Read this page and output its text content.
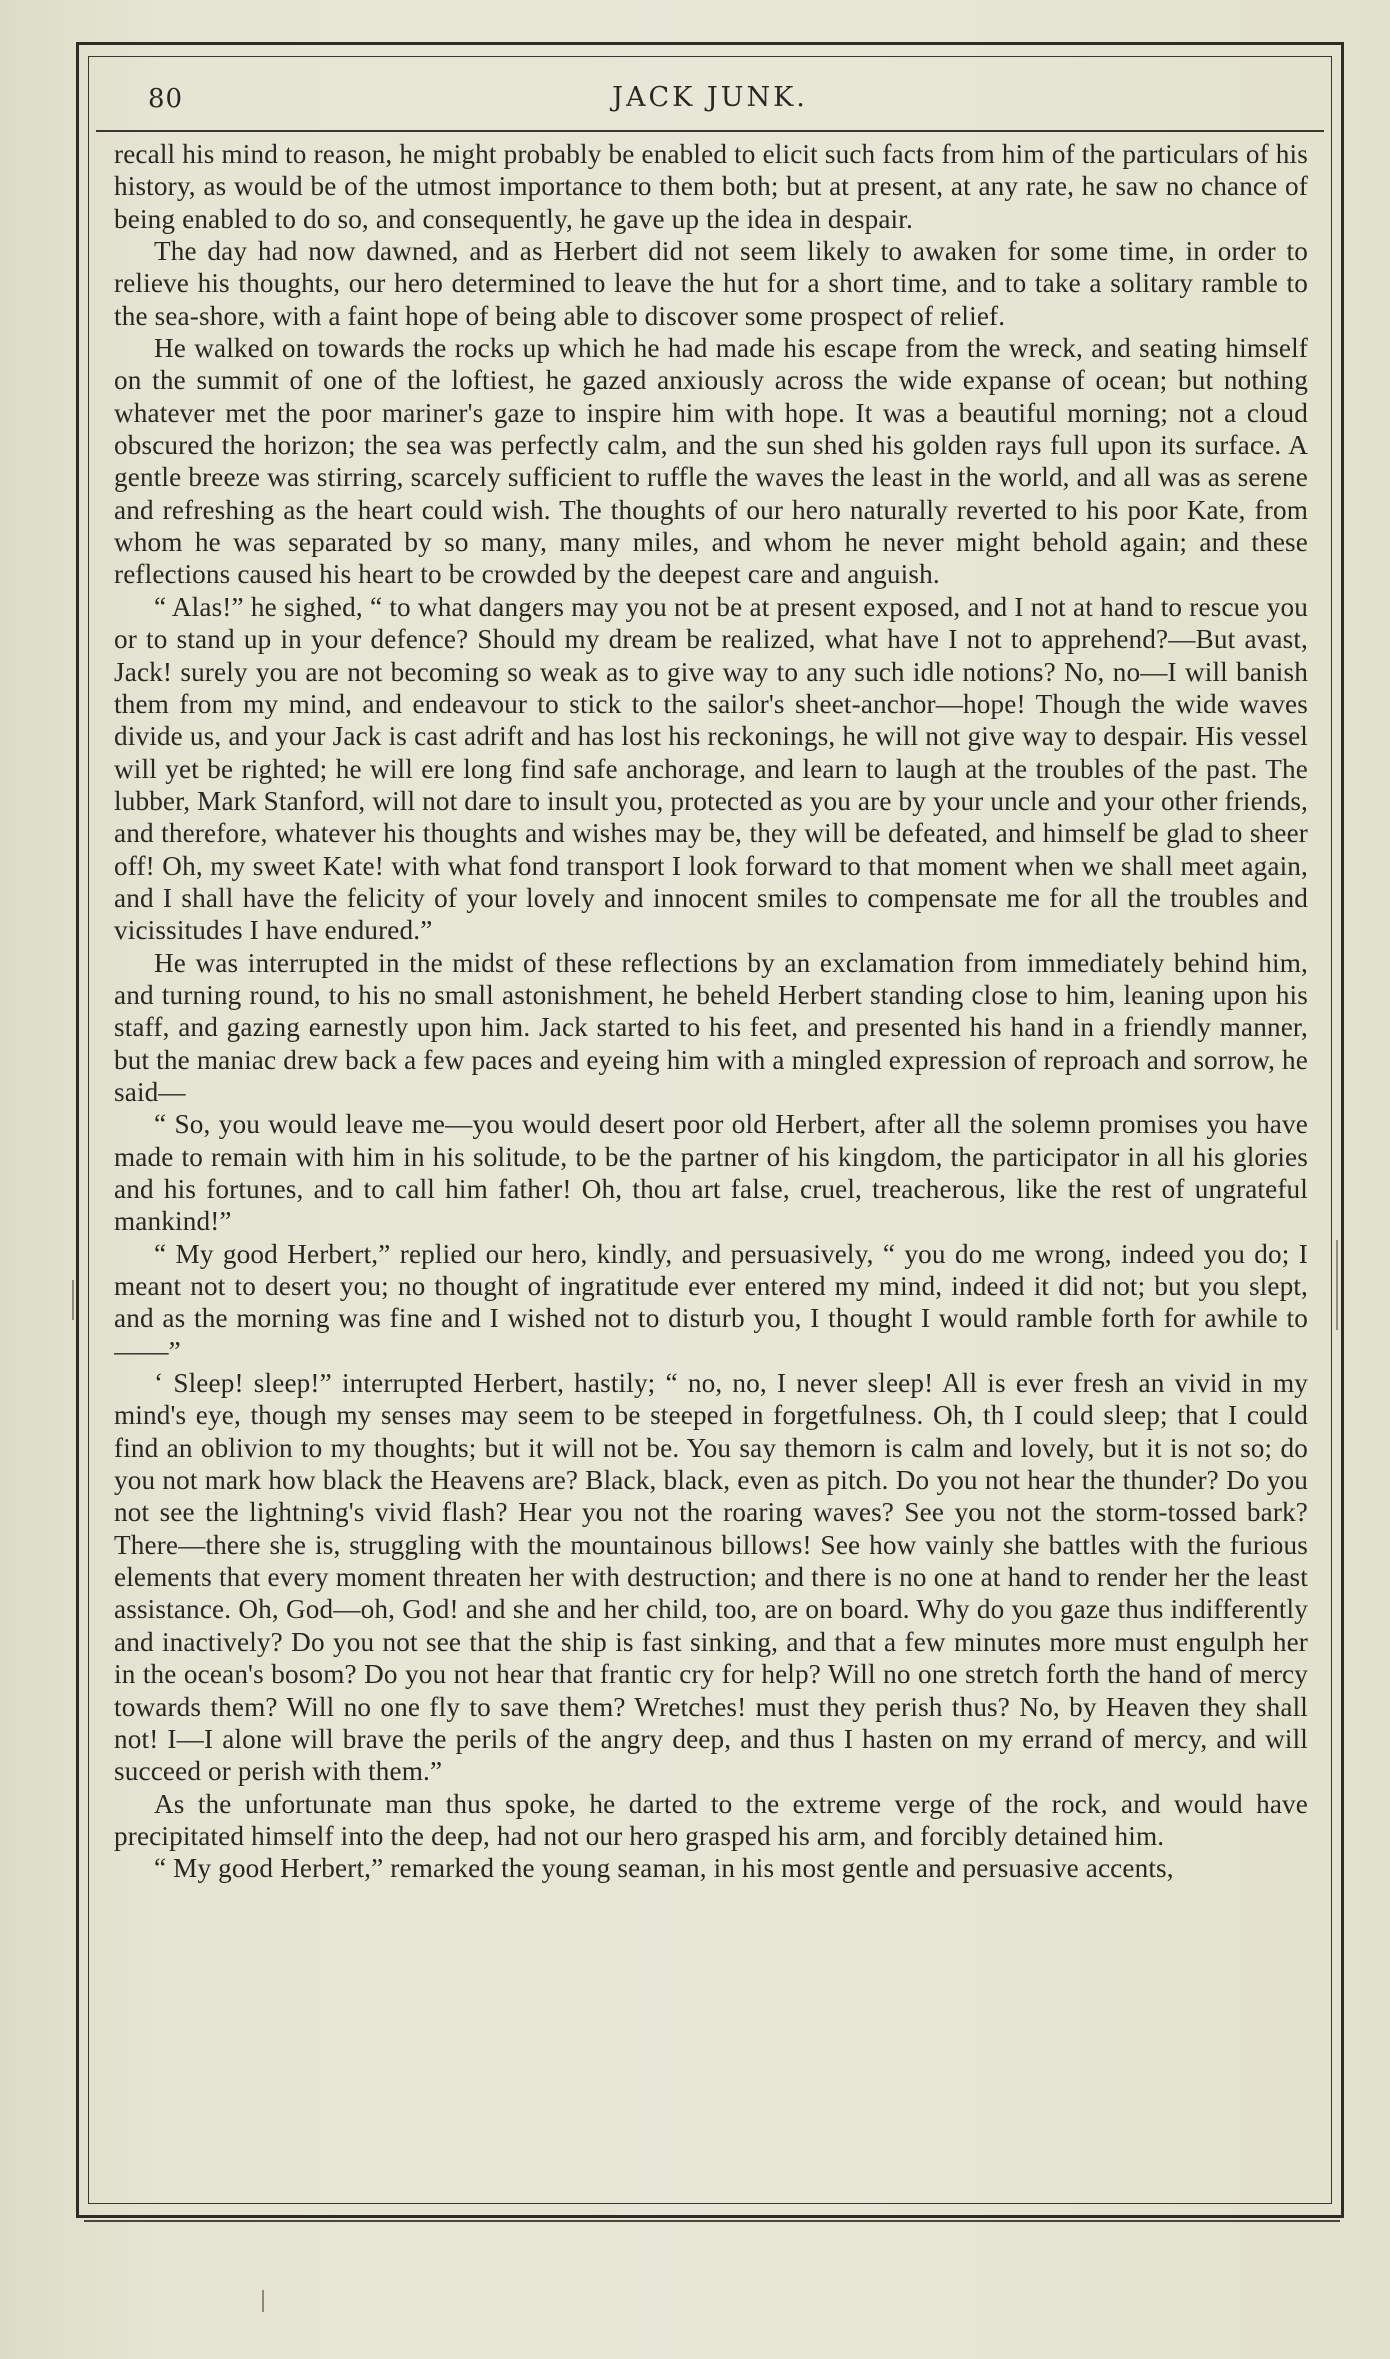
80	JACK JUNK.

recall his mind to reason, he might probably be enabled to elicit such facts from him of the particulars of his history, as would be of the utmost importance to them both; but at present, at any rate, he saw no chance of being enabled to do so, and consequently, he gave up the idea in despair.

The day had now dawned, and as Herbert did not seem likely to awaken for some time, in order to relieve his thoughts, our hero determined to leave the hut for a short time, and to take a solitary ramble to the sea-shore, with a faint hope of being able to discover some prospect of relief.

He walked on towards the rocks up which he had made his escape from the wreck, and seating himself on the summit of one of the loftiest, he gazed anxiously across the wide expanse of ocean; but nothing whatever met the poor mariner's gaze to inspire him with hope. It was a beautiful morning; not a cloud obscured the horizon; the sea was perfectly calm, and the sun shed his golden rays full upon its surface. A gentle breeze was stirring, scarcely sufficient to ruffle the waves the least in the world, and all was as serene and refreshing as the heart could wish. The thoughts of our hero naturally reverted to his poor Kate, from whom he was separated by so many, many miles, and whom he never might behold again; and these reflections caused his heart to be crowded by the deepest care and anguish.

“ Alas!” he sighed, “ to what dangers may you not be at present exposed, and I not at hand to rescue you or to stand up in your defence? Should my dream be realized, what have I not to apprehend?—But avast, Jack! surely you are not becoming so weak as to give way to any such idle notions? No, no—I will banish them from my mind, and endeavour to stick to the sailor's sheet-anchor—hope! Though the wide waves divide us, and your Jack is cast adrift and has lost his reckonings, he will not give way to despair. His vessel will yet be righted; he will ere long find safe anchorage, and learn to laugh at the troubles of the past. The lubber, Mark Stanford, will not dare to insult you, protected as you are by your uncle and your other friends, and therefore, whatever his thoughts and wishes may be, they will be defeated, and himself be glad to sheer off! Oh, my sweet Kate! with what fond transport I look forward to that moment when we shall meet again, and I shall have the felicity of your lovely and innocent smiles to compensate me for all the troubles and vicissitudes I have endured.”

He was interrupted in the midst of these reflections by an exclamation from immediately behind him, and turning round, to his no small astonishment, he beheld Herbert standing close to him, leaning upon his staff, and gazing earnestly upon him. Jack started to his feet, and presented his hand in a friendly manner, but the maniac drew back a few paces and eyeing him with a mingled expression of reproach and sorrow, he said—

“ So, you would leave me—you would desert poor old Herbert, after all the solemn promises you have made to remain with him in his solitude, to be the partner of his kingdom, the participator in all his glories and his fortunes, and to call him father! Oh, thou art false, cruel, treacherous, like the rest of ungrateful mankind!”

“ My good Herbert,” replied our hero, kindly, and persuasively, “ you do me wrong, indeed you do; I meant not to desert you; no thought of ingratitude ever entered my mind, indeed it did not; but you slept, and as the morning was fine and I wished not to disturb you, I thought I would ramble forth for awhile to——”

‘ Sleep! sleep!” interrupted Herbert, hastily; “ no, no, I never sleep! All is ever fresh an vivid in my mind's eye, though my senses may seem to be steeped in forgetfulness. Oh, th I could sleep; that I could find an oblivion to my thoughts; but it will not be. You say themorn is calm and lovely, but it is not so; do you not mark how black the Heavens are? Black, black, even as pitch. Do you not hear the thunder? Do you not see the lightning's vivid flash? Hear you not the roaring waves? See you not the storm-tossed bark? There—there she is, struggling with the mountainous billows! See how vainly she battles with the furious elements that every moment threaten her with destruction; and there is no one at hand to render her the least assistance. Oh, God—oh, God! and she and her child, too, are on board. Why do you gaze thus indifferently and inactively? Do you not see that the ship is fast sinking, and that a few minutes more must engulph her in the ocean's bosom? Do you not hear that frantic cry for help? Will no one stretch forth the hand of mercy towards them? Will no one fly to save them? Wretches! must they perish thus? No, by Heaven they shall not! I—I alone will brave the perils of the angry deep, and thus I hasten on my errand of mercy, and will succeed or perish with them.”

As the unfortunate man thus spoke, he darted to the extreme verge of the rock, and would have precipitated himself into the deep, had not our hero grasped his arm, and forcibly detained him.

“ My good Herbert,” remarked the young seaman, in his most gentle and persuasive accents,
